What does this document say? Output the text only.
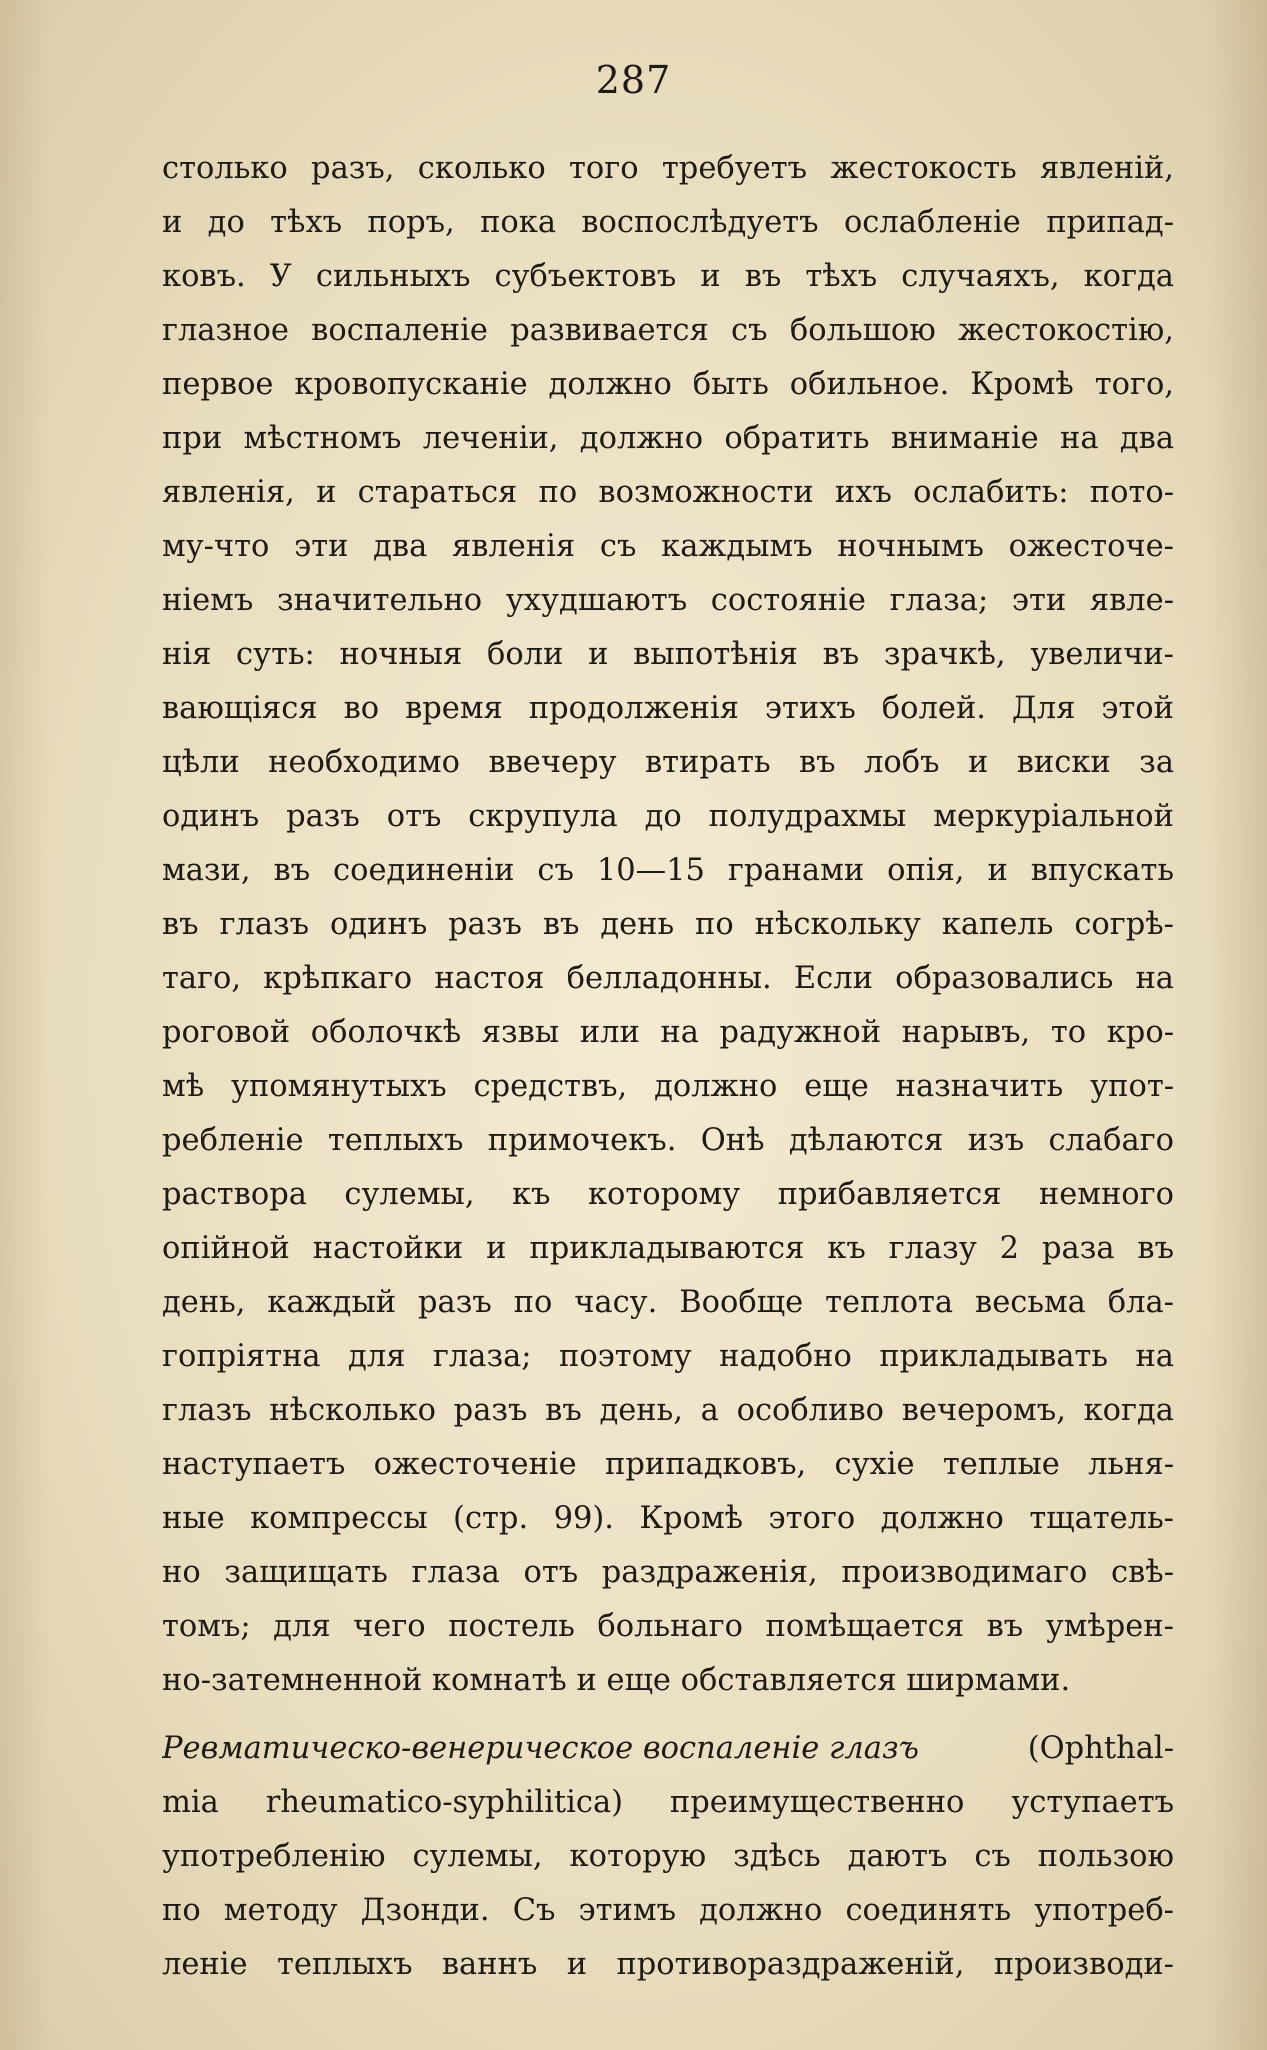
287
столько разъ, сколько того требуетъ жестокость явленій,
и до тѣхъ поръ, пока воспослѣдуетъ ослабленіе припад-
ковъ. У сильныхъ субъектовъ и въ тѣхъ случаяхъ, когда
глазное воспаленіе развивается съ большою жестокостію,
первое кровопусканіе должно быть обильное. Кромѣ того,
при мѣстномъ леченіи, должно обратить вниманіе на два
явленія, и стараться по возможности ихъ ослабить: пото-
му-что эти два явленія съ каждымъ ночнымъ ожесточе-
ніемъ значительно ухудшаютъ состояніе глаза; эти явле-
нія суть: ночныя боли и выпотѣнія въ зрачкѣ, увеличи-
вающіяся во время продолженія этихъ болей. Для этой
цѣли необходимо ввечеру втирать въ лобъ и виски за
одинъ разъ отъ скрупула до полудрахмы меркуріальной
мази, въ соединеніи съ 10—15 гранами опія, и впускать
въ глазъ одинъ разъ въ день по нѣскольку капель согрѣ-
таго, крѣпкаго настоя белладонны. Если образовались на
роговой оболочкѣ язвы или на радужной нарывъ, то кро-
мѣ упомянутыхъ средствъ, должно еще назначить упот-
ребленіе теплыхъ примочекъ. Онѣ дѣлаются изъ слабаго
раствора сулемы, къ которому прибавляется немного
опійной настойки и прикладываются къ глазу 2 раза въ
день, каждый разъ по часу. Вообще теплота весьма бла-
гопріятна для глаза; поэтому надобно прикладывать на
глазъ нѣсколько разъ въ день, а особливо вечеромъ, когда
наступаетъ ожесточеніе припадковъ, сухіе теплые льня-
ные компрессы (стр. 99). Кромѣ этого должно тщатель-
но защищать глаза отъ раздраженія, производимаго свѣ-
томъ; для чего постель больнаго помѣщается въ умѣрен-
но-затемненной комнатѣ и еще обставляется ширмами.
Ревматическо-венерическое воспаленіе глазъ	(Ophthal-
mia rheumatico-syphilitica) преимущественно уступаетъ
употребленію сулемы, которую здѣсь даютъ съ пользою
по методу Дзонди. Съ этимъ должно соединять употреб-
леніе теплыхъ ваннъ и противораздраженій, производи-
